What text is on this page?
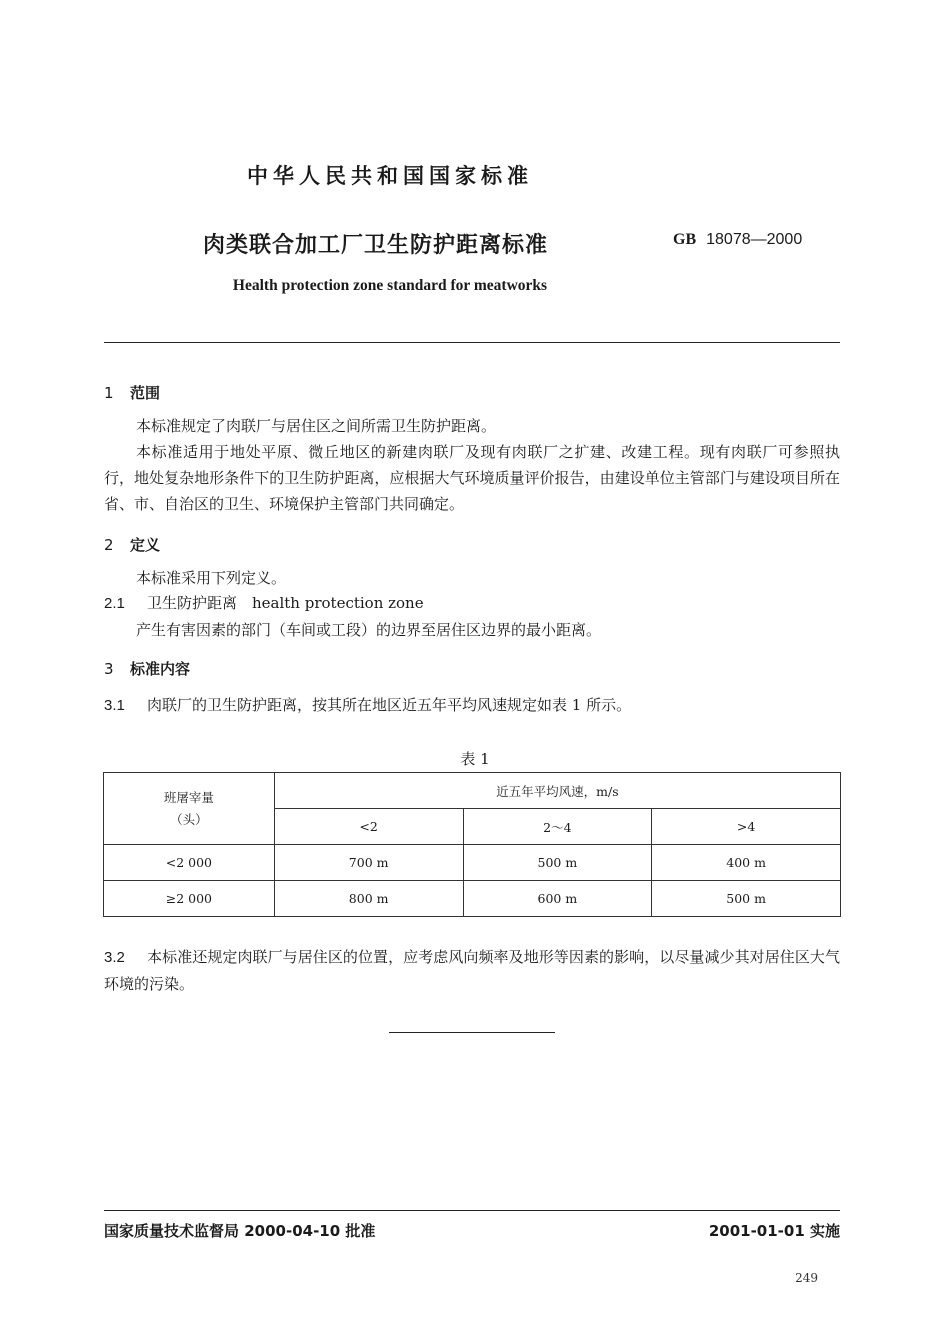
中华人民共和国国家标准
肉类联合加工厂卫生防护距离标准	GB 18078—2000
Health protection zone standard for meatworks
1 范围
本标准规定了肉联厂与居住区之间所需卫生防护距离。
本标准适用于地处平原、微丘地区的新建肉联厂及现有肉联厂之扩建、改建工程。现有肉联厂可参照执行，地处复杂地形条件下的卫生防护距离，应根据大气环境质量评价报告，由建设单位主管部门与建设项目所在省、市、自治区的卫生、环境保护主管部门共同确定。
2 定义
本标准采用下列定义。
2.1 卫生防护距离　health protection zone
产生有害因素的部门（车间或工段）的边界至居住区边界的最小距离。
3 标准内容
3.1 肉联厂的卫生防护距离，按其所在地区近五年平均风速规定如表 1 所示。
表 1
班屠宰量
（头）	近五年平均风速，m/s		
	<2	2～4	>4
<2 000	700 m	500 m	400 m
≥2 000	800 m	600 m	500 m
3.2 本标准还规定肉联厂与居住区的位置，应考虑风向频率及地形等因素的影响，以尽量减少其对居住区大气环境的污染。
国家质量技术监督局 2000-04-10 批准	2001-01-01 实施
249
